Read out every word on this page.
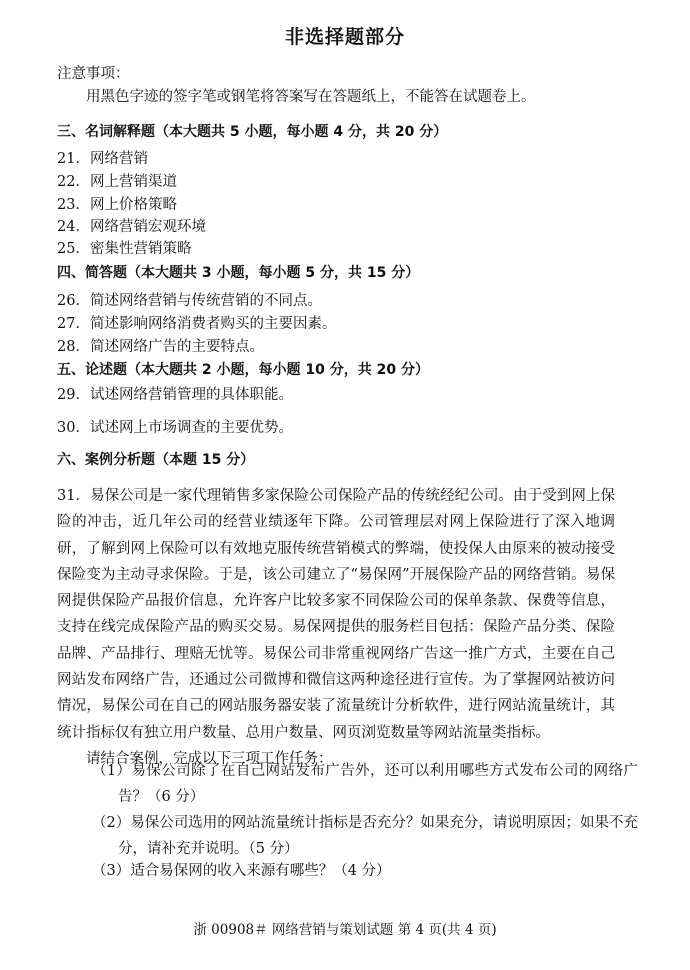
非选择题部分
注意事项：
用黑色字迹的签字笔或钢笔将答案写在答题纸上，不能答在试题卷上。
三、名词解释题（本大题共 5 小题，每小题 4 分，共 20 分）
21．网络营销
22．网上营销渠道
23．网上价格策略
24．网络营销宏观环境
25．密集性营销策略
四、简答题（本大题共 3 小题，每小题 5 分，共 15 分）
26．简述网络营销与传统营销的不同点。
27．简述影响网络消费者购买的主要因素。
28．简述网络广告的主要特点。
五、论述题（本大题共 2 小题，每小题 10 分，共 20 分）
29．试述网络营销管理的具体职能。
30．试述网上市场调查的主要优势。
六、案例分析题（本题 15 分）

31．易保公司是一家代理销售多家保险公司保险产品的传统经纪公司。由于受到网上保险的冲击，近几年公司的经营业绩逐年下降。公司管理层对网上保险进行了深入地调研，了解到网上保险可以有效地克服传统营销模式的弊端，使投保人由原来的被动接受保险变为主动寻求保险。于是，该公司建立了“易保网”开展保险产品的网络营销。易保网提供保险产品报价信息，允许客户比较多家不同保险公司的保单条款、保费等信息，支持在线完成保险产品的购买交易。易保网提供的服务栏目包括：保险产品分类、保险品牌、产品排行、理赔无忧等。易保公司非常重视网络广告这一推广方式，主要在自己网站发布网络广告，还通过公司微博和微信这两种途径进行宣传。为了掌握网站被访问情况，易保公司在自己的网站服务器安装了流量统计分析软件，进行网站流量统计，其统计指标仅有独立用户数量、总用户数量、网页浏览数量等网站流量类指标。

请结合案例，完成以下三项工作任务：

（1）易保公司除了在自己网站发布广告外，还可以利用哪些方式发布公司的网络广告？（6 分）
（2）易保公司选用的网站流量统计指标是否充分？如果充分，请说明原因；如果不充分，请补充并说明。（5 分）
（3）适合易保网的收入来源有哪些？（4 分）
浙 00908＃ 网络营销与策划试题 第 4 页(共 4 页)
